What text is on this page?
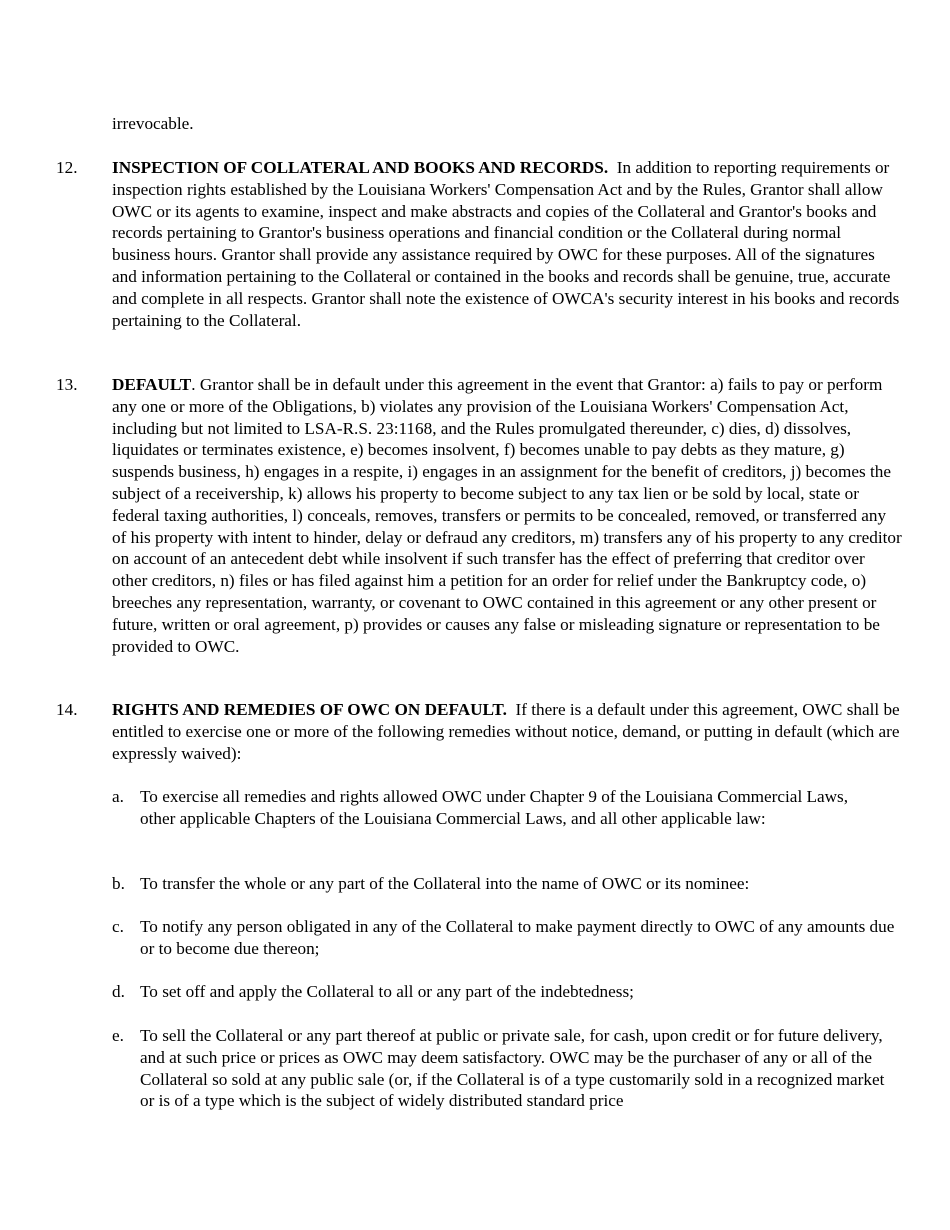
irrevocable.
12. INSPECTION OF COLLATERAL AND BOOKS AND RECORDS. In addition to reporting requirements or inspection rights established by the Louisiana Workers' Compensation Act and by the Rules, Grantor shall allow OWC or its agents to examine, inspect and make abstracts and copies of the Collateral and Grantor's books and records pertaining to Grantor's business operations and financial condition or the Collateral during normal business hours. Grantor shall provide any assistance required by OWC for these purposes. All of the signatures and information pertaining to the Collateral or contained in the books and records shall be genuine, true, accurate and complete in all respects. Grantor shall note the existence of OWCA's security interest in his books and records pertaining to the Collateral.
13. DEFAULT. Grantor shall be in default under this agreement in the event that Grantor: a) fails to pay or perform any one or more of the Obligations, b) violates any provision of the Louisiana Workers' Compensation Act, including but not limited to LSA-R.S. 23:1168, and the Rules promulgated thereunder, c) dies, d) dissolves, liquidates or terminates existence, e) becomes insolvent, f) becomes unable to pay debts as they mature, g) suspends business, h) engages in a respite, i) engages in an assignment for the benefit of creditors, j) becomes the subject of a receivership, k) allows his property to become subject to any tax lien or be sold by local, state or federal taxing authorities, l) conceals, removes, transfers or permits to be concealed, removed, or transferred any of his property with intent to hinder, delay or defraud any creditors, m) transfers any of his property to any creditor on account of an antecedent debt while insolvent if such transfer has the effect of preferring that creditor over other creditors, n) files or has filed against him a petition for an order for relief under the Bankruptcy code, o) breeches any representation, warranty, or covenant to OWC contained in this agreement or any other present or future, written or oral agreement, p) provides or causes any false or misleading signature or representation to be provided to OWC.
14. RIGHTS AND REMEDIES OF OWC ON DEFAULT. If there is a default under this agreement, OWC shall be entitled to exercise one or more of the following remedies without notice, demand, or putting in default (which are expressly waived):
a. To exercise all remedies and rights allowed OWC under Chapter 9 of the Louisiana Commercial Laws, other applicable Chapters of the Louisiana Commercial Laws, and all other applicable law:
b. To transfer the whole or any part of the Collateral into the name of OWC or its nominee:
c. To notify any person obligated in any of the Collateral to make payment directly to OWC of any amounts due or to become due thereon;
d. To set off and apply the Collateral to all or any part of the indebtedness;
e. To sell the Collateral or any part thereof at public or private sale, for cash, upon credit or for future delivery, and at such price or prices as OWC may deem satisfactory. OWC may be the purchaser of any or all of the Collateral so sold at any public sale (or, if the Collateral is of a type customarily sold in a recognized market or is of a type which is the subject of widely distributed standard price
